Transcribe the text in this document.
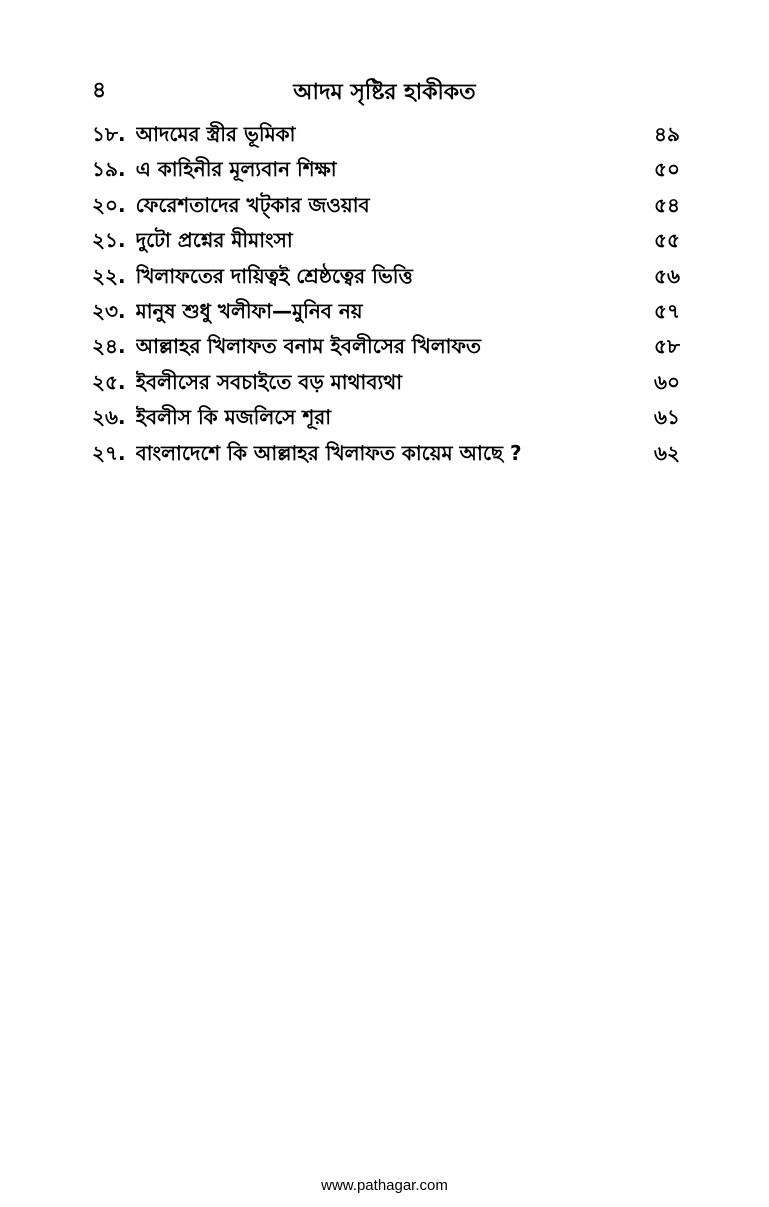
৪	আদম সৃষ্টির হাকীকত
১৮. আদমের স্ত্রীর ভূমিকা	৪৯
১৯. এ কাহিনীর মূল্যবান শিক্ষা	৫০
২০. ফেরেশতাদের খট্‌কার জওয়াব	৫৪
২১. দুটো প্রশ্নের মীমাংসা	৫৫
২২. খিলাফতের দায়িত্বই শ্রেষ্ঠত্বের ভিত্তি	৫৬
২৩. মানুষ শুধু খলীফা—মুনিব নয়	৫৭
২৪. আল্লাহর খিলাফত বনাম ইবলীসের খিলাফত	৫৮
২৫. ইবলীসের সবচাইতে বড় মাথাব্যথা	৬০
২৬. ইবলীস কি মজলিসে শূরা	৬১
২৭. বাংলাদেশে কি আল্লাহর খিলাফত কায়েম আছে ?	৬২
www.pathagar.com
